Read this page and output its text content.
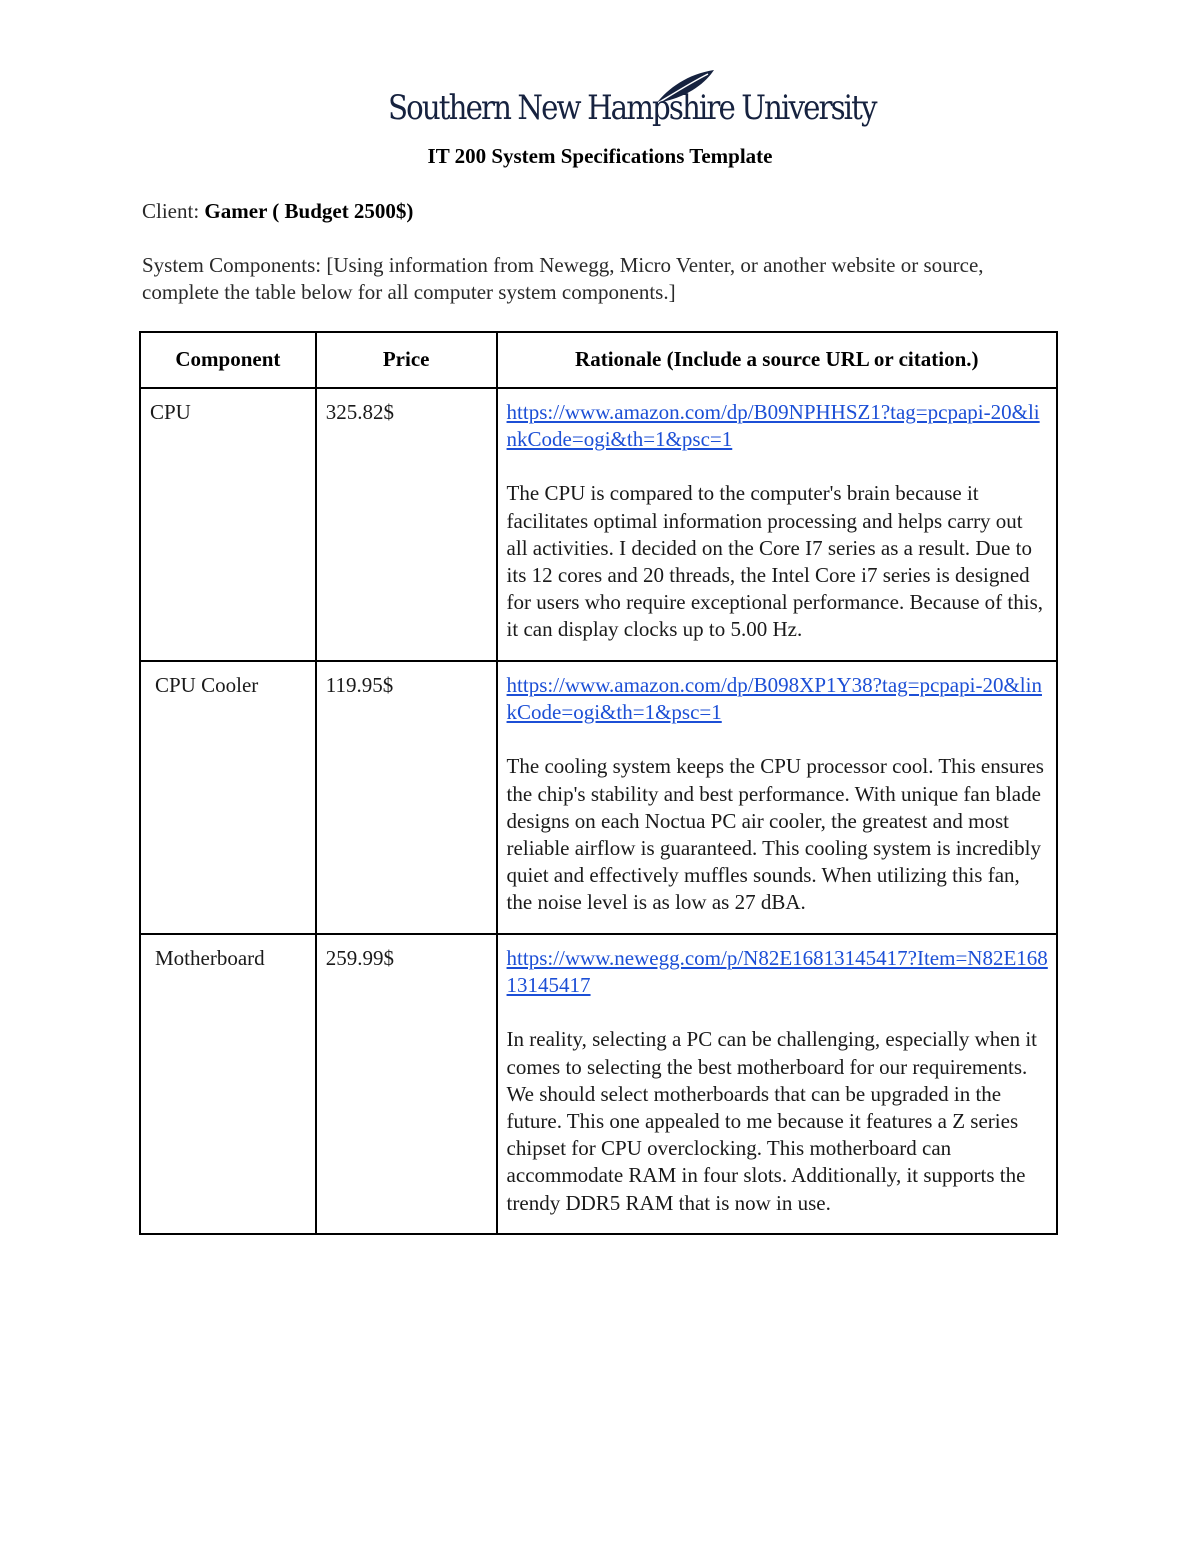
Southern New Hampshire University
IT 200 System Specifications Template
Client: Gamer ( Budget 2500$)
System Components: [Using information from Newegg, Micro Venter, or another website or source, complete the table below for all computer system components.]
Component	Price	Rationale (Include a source URL or citation.)

CPU	325.82$	https://www.amazon.com/dp/B09NPHHSZ1?tag=pcpapi-20&linkCode=ogi&th=1&psc=1

The CPU is compared to the computer's brain because it facilitates optimal information processing and helps carry out all activities. I decided on the Core I7 series as a result. Due to its 12 cores and 20 threads, the Intel Core i7 series is designed for users who require exceptional performance. Because of this, it can display clocks up to 5.00 Hz.

CPU Cooler	119.95$	https://www.amazon.com/dp/B098XP1Y38?tag=pcpapi-20&linkCode=ogi&th=1&psc=1

The cooling system keeps the CPU processor cool. This ensures the chip's stability and best performance. With unique fan blade designs on each Noctua PC air cooler, the greatest and most reliable airflow is guaranteed. This cooling system is incredibly quiet and effectively muffles sounds. When utilizing this fan, the noise level is as low as 27 dBA.

Motherboard	259.99$	https://www.newegg.com/p/N82E16813145417?Item=N82E16813145417

In reality, selecting a PC can be challenging, especially when it comes to selecting the best motherboard for our requirements. We should select motherboards that can be upgraded in the future. This one appealed to me because it features a Z series chipset for CPU overclocking. This motherboard can accommodate RAM in four slots. Additionally, it supports the trendy DDR5 RAM that is now in use.
